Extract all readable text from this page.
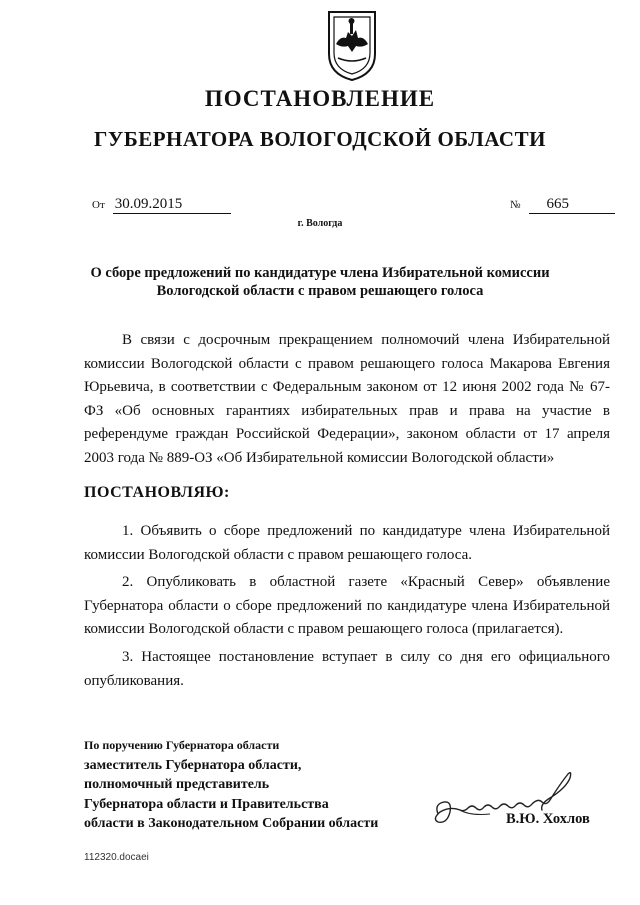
ПОСТАНОВЛЕНИЕ
ГУБЕРНАТОРА ВОЛОГОДСКОЙ ОБЛАСТИ
От 30.09.2015	№ 665
г. Вологда
О сборе предложений по кандидатуре члена Избирательной комиссии
Вологодской области с правом решающего голоса
В связи с досрочным прекращением полномочий члена Избирательной комиссии Вологодской области с правом решающего голоса Макарова Евгения Юрьевича, в соответствии с Федеральным законом от 12 июня 2002 года № 67-ФЗ «Об основных гарантиях избирательных прав и права на участие в референдуме граждан Российской Федерации», законом области от 17 апреля 2003 года № 889-ОЗ «Об Избирательной комиссии Вологодской области»
ПОСТАНОВЛЯЮ:
1. Объявить о сборе предложений по кандидатуре члена Избирательной комиссии Вологодской области с правом решающего голоса.
2. Опубликовать в областной газете «Красный Север» объявление Губернатора области о сборе предложений по кандидатуре члена Избирательной комиссии Вологодской области с правом решающего голоса (прилагается).
3. Настоящее постановление вступает в силу со дня его официального опубликования.
По поручению Губернатора области
заместитель Губернатора области,
полномочный представитель
Губернатора области и Правительства
области в Законодательном Собрании области	В.Ю. Хохлов
112320.docaei
